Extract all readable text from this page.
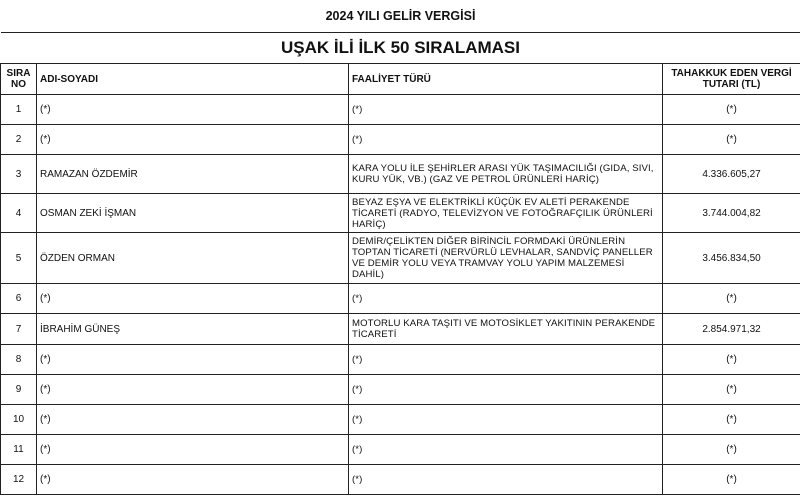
2024 YILI GELİR VERGİSİ			
UŞAK İLİ İLK 50 SIRALAMASI			
SIRA NO	ADI-SOYADI	FAALİYET TÜRÜ	TAHAKKUK EDEN VERGİ TUTARI (TL)
1	(*)	(*)	(*)
2	(*)	(*)	(*)
3	RAMAZAN ÖZDEMİR	KARA YOLU İLE ŞEHİRLER ARASI YÜK TAŞIMACILIĞI (GIDA, SIVI, KURU YÜK, VB.) (GAZ VE PETROL ÜRÜNLERİ HARİÇ)	4.336.605,27
4	OSMAN ZEKİ İŞMAN	BEYAZ EŞYA VE ELEKTRİKLİ KÜÇÜK EV ALETİ PERAKENDE TİCARETİ (RADYO, TELEVİZYON VE FOTOĞRAFÇILIK ÜRÜNLERİ HARİÇ)	3.744.004,82
5	ÖZDEN ORMAN	DEMİR/ÇELİKTEN DİĞER BİRİNCİL FORMDAKİ ÜRÜNLERİN TOPTAN TİCARETİ (NERVÜRLÜ LEVHALAR, SANDVİÇ PANELLER VE DEMİR YOLU VEYA TRAMVAY YOLU YAPIM MALZEMESİ DAHİL)	3.456.834,50
6	(*)	(*)	(*)
7	İBRAHİM GÜNEŞ	MOTORLU KARA TAŞITI VE MOTOSİKLET YAKITININ PERAKENDE TİCARETİ	2.854.971,32
8	(*)	(*)	(*)
9	(*)	(*)	(*)
10	(*)	(*)	(*)
11	(*)	(*)	(*)
12	(*)	(*)	(*)
